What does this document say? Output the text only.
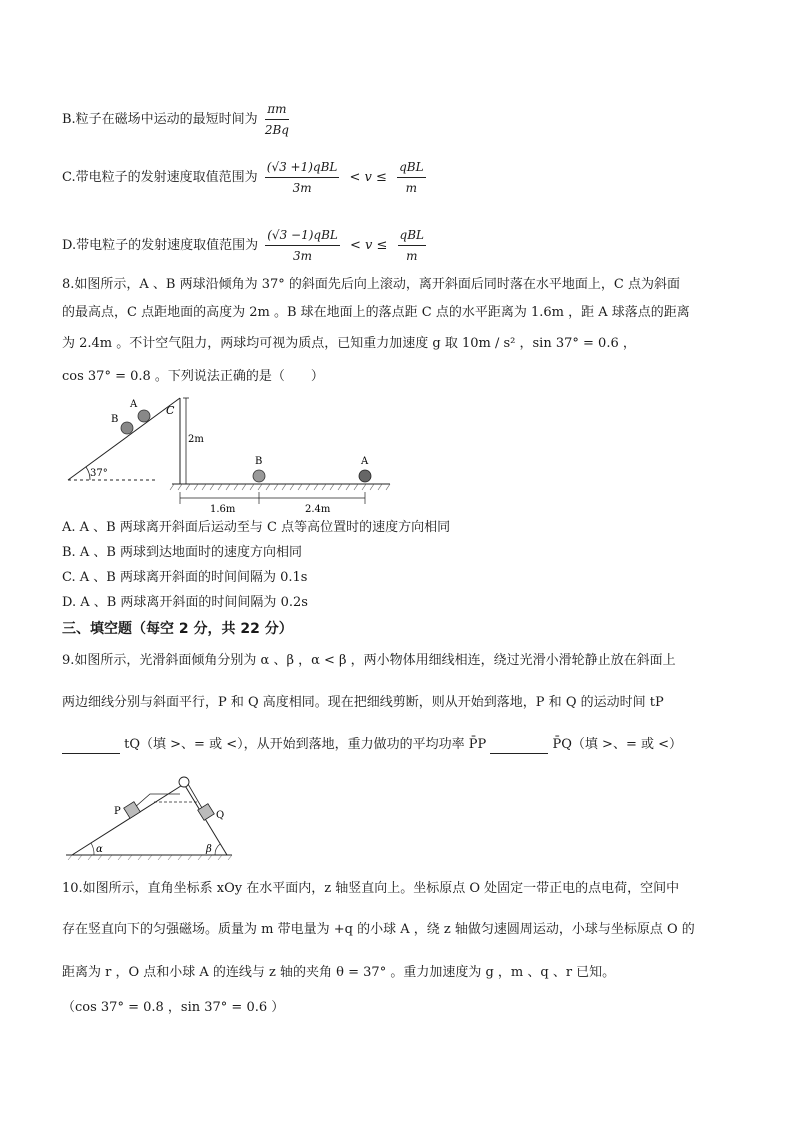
B.粒子在磁场中运动的最短时间为 $\frac{\pi m}{2Bq}$
C.带电粒子的发射速度取值范围为 $\frac{\text{(√3 +1)qBL}}{3m} < v \le \frac{\text{qBL}}{m}$
D.带电粒子的发射速度取值范围为 $\frac{\text{(√3 −1)qBL}}{3m} < v \le \frac{\text{qBL}}{m}$
8.如图所示，A 、B 两球沿倾角为 37° 的斜面先后向上滚动，离开斜面后同时落在水平地面上，C 点为斜面
的最高点，C 点距地面的高度为 2m 。B 球在地面上的落点距 C 点的水平距离为 1.6m ，距 A 球落点的距离
为 2.4m 。不计空气阻力，两球均可视为质点，已知重力加速度 g 取 10m / s² ，sin 37° = 0.6 ，
cos 37° = 0.8 。下列说法正确的是（　　）
37°
A
B
C
2m
B	A
1.6m	2.4m
A. A 、B 两球离开斜面后运动至与 C 点等高位置时的速度方向相同
B. A 、B 两球到达地面时的速度方向相同
C. A 、B 两球离开斜面的时间间隔为 0.1s
D. A 、B 两球离开斜面的时间间隔为 0.2s
三、填空题（每空 2 分，共 22 分）
9.如图所示，光滑斜面倾角分别为 α 、β ，α < β ，两小物体用细线相连，绕过光滑小滑轮静止放在斜面上
两边细线分别与斜面平行，P 和 Q 高度相同。现在把细线剪断，则从开始到落地，P 和 Q 的运动时间 tP
tQ（填 >、= 或 <），从开始到落地，重力做功的平均功率 P̄P	P̄Q（填 >、= 或 <）
P	Q
α	β
10.如图所示，直角坐标系 xOy 在水平面内，z 轴竖直向上。坐标原点 O 处固定一带正电的点电荷，空间中
存在竖直向下的匀强磁场。质量为 m 带电量为 +q 的小球 A ，绕 z 轴做匀速圆周运动，小球与坐标原点 O 的
距离为 r ，O 点和小球 A 的连线与 z 轴的夹角 θ = 37° 。重力加速度为 g ，m 、q 、r 已知。
（cos 37° = 0.8 ，sin 37° = 0.6 ）
